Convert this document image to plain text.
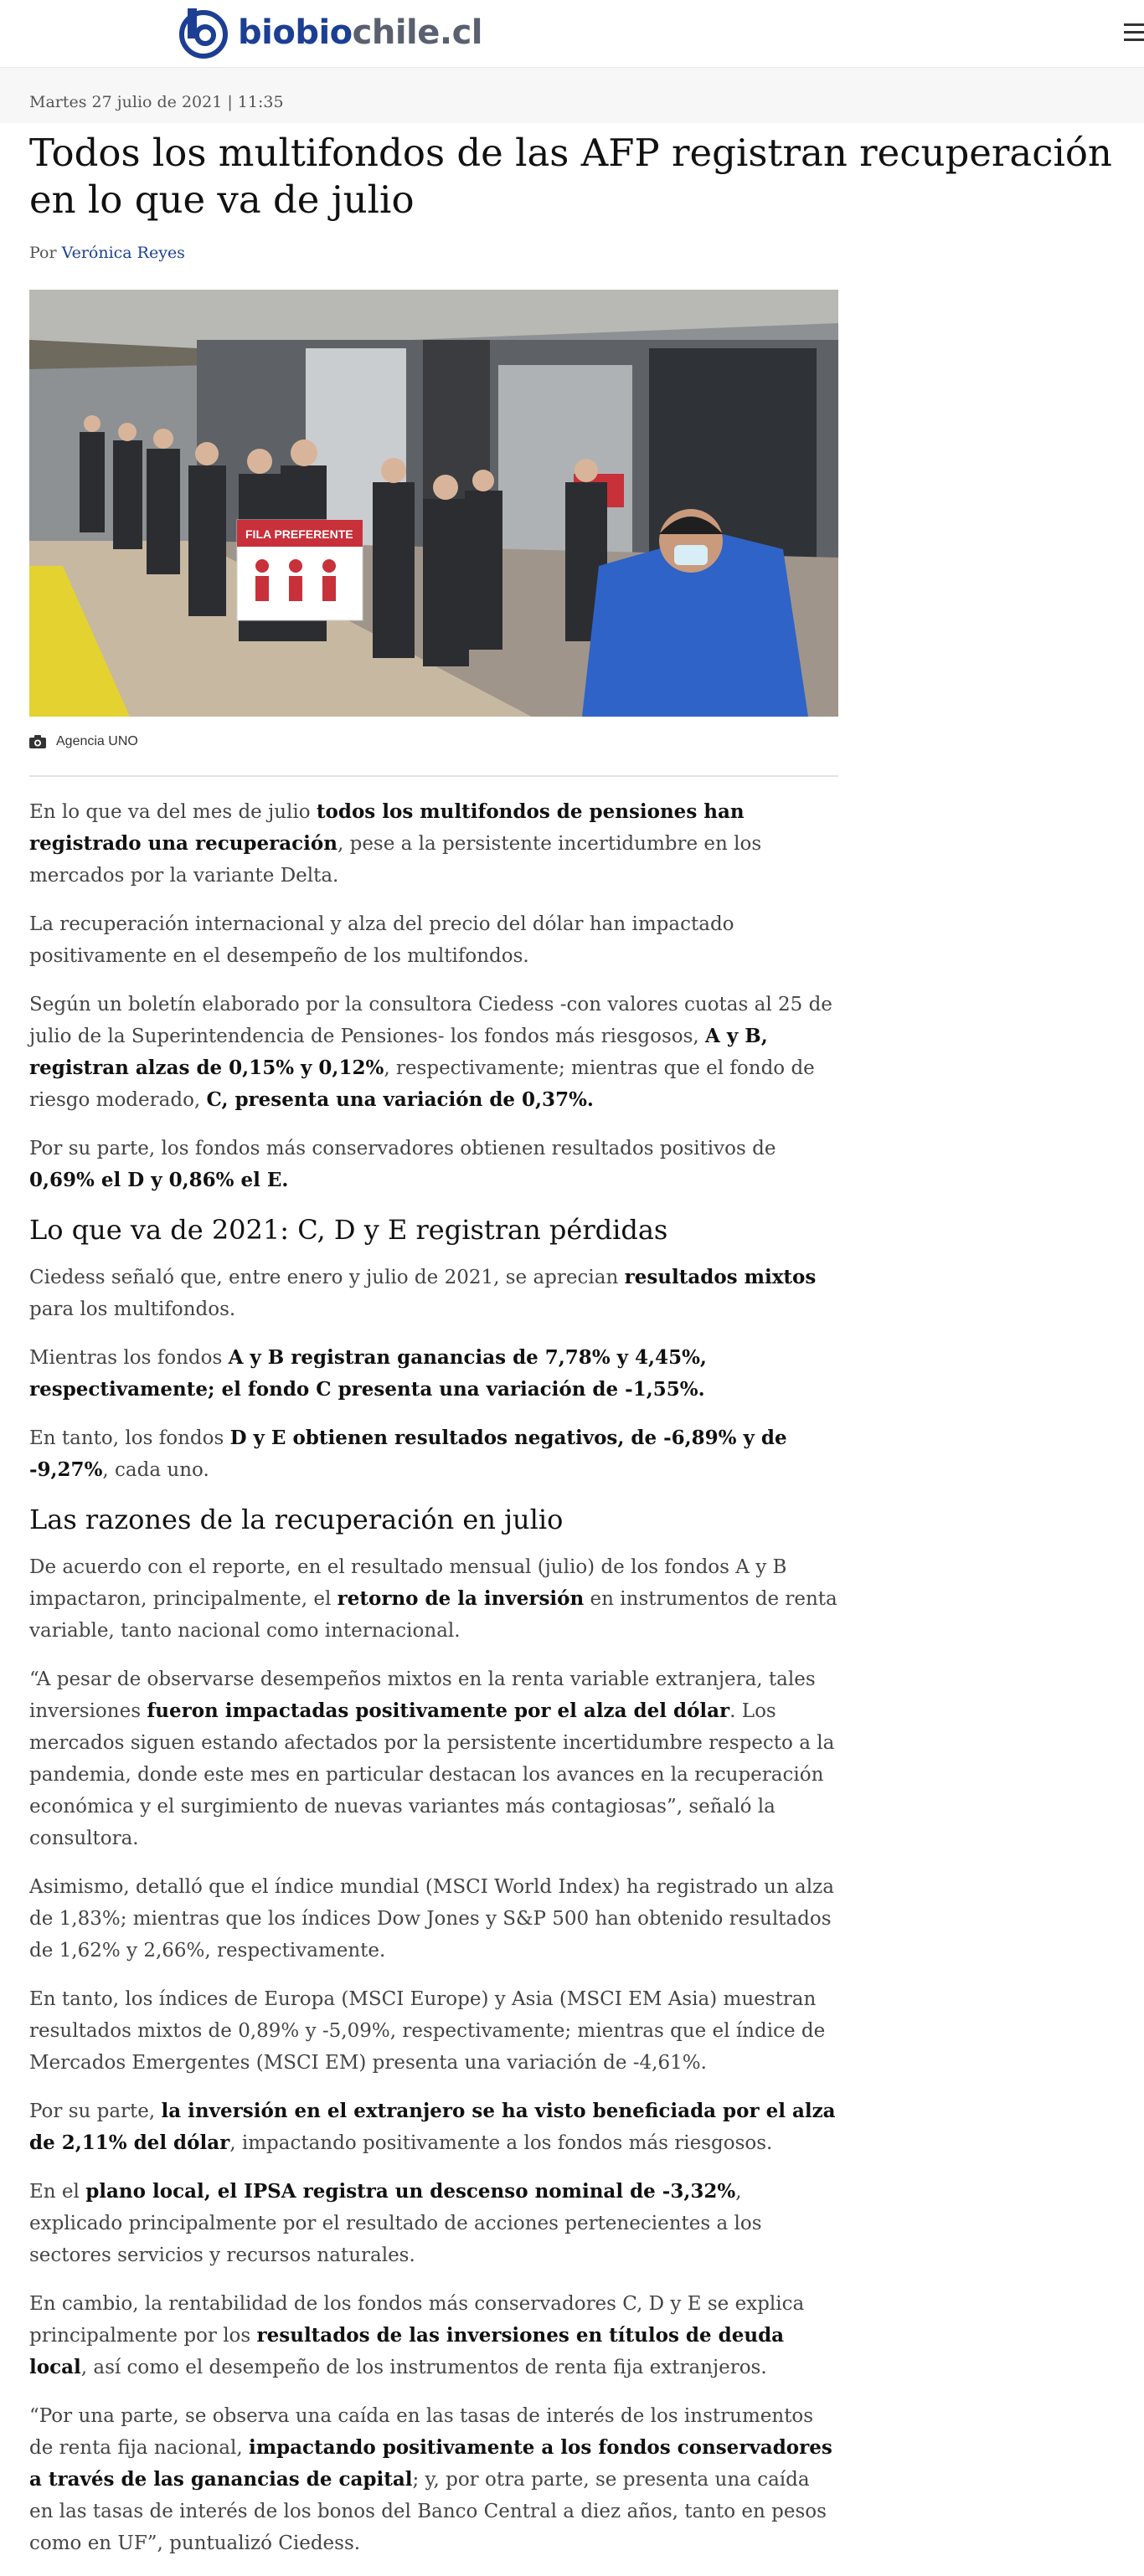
biobiochile.cl
Martes 27 julio de 2021 | 11:35
Todos los multifondos de las AFP registran recuperación en lo que va de julio
Por Verónica Reyes
FILA PREFERENTE
Agencia UNO

En lo que va del mes de julio todos los multifondos de pensiones han registrado una recuperación, pese a la persistente incertidumbre en los mercados por la variante Delta.

La recuperación internacional y alza del precio del dólar han impactado positivamente en el desempeño de los multifondos.

Según un boletín elaborado por la consultora Ciedess -con valores cuotas al 25 de julio de la Superintendencia de Pensiones- los fondos más riesgosos, A y B, registran alzas de 0,15% y 0,12%, respectivamente; mientras que el fondo de riesgo moderado, C, presenta una variación de 0,37%.

Por su parte, los fondos más conservadores obtienen resultados positivos de 0,69% el D y 0,86% el E.

Lo que va de 2021: C, D y E registran pérdidas

Ciedess señaló que, entre enero y julio de 2021, se aprecian resultados mixtos para los multifondos.

Mientras los fondos A y B registran ganancias de 7,78% y 4,45%, respectivamente; el fondo C presenta una variación de -1,55%.

En tanto, los fondos D y E obtienen resultados negativos, de -6,89% y de -9,27%, cada uno.

Las razones de la recuperación en julio

De acuerdo con el reporte, en el resultado mensual (julio) de los fondos A y B impactaron, principalmente, el retorno de la inversión en instrumentos de renta variable, tanto nacional como internacional.

“A pesar de observarse desempeños mixtos en la renta variable extranjera, tales inversiones fueron impactadas positivamente por el alza del dólar. Los mercados siguen estando afectados por la persistente incertidumbre respecto a la pandemia, donde este mes en particular destacan los avances en la recuperación económica y el surgimiento de nuevas variantes más contagiosas”, señaló la consultora.

Asimismo, detalló que el índice mundial (MSCI World Index) ha registrado un alza de 1,83%; mientras que los índices Dow Jones y S&P 500 han obtenido resultados de 1,62% y 2,66%, respectivamente.

En tanto, los índices de Europa (MSCI Europe) y Asia (MSCI EM Asia) muestran resultados mixtos de 0,89% y -5,09%, respectivamente; mientras que el índice de Mercados Emergentes (MSCI EM) presenta una variación de -4,61%.

Por su parte, la inversión en el extranjero se ha visto beneficiada por el alza de 2,11% del dólar, impactando positivamente a los fondos más riesgosos.

En el plano local, el IPSA registra un descenso nominal de -3,32%, explicado principalmente por el resultado de acciones pertenecientes a los sectores servicios y recursos naturales.

En cambio, la rentabilidad de los fondos más conservadores C, D y E se explica principalmente por los resultados de las inversiones en títulos de deuda local, así como el desempeño de los instrumentos de renta fija extranjeros.

“Por una parte, se observa una caída en las tasas de interés de los instrumentos de renta fija nacional, impactando positivamente a los fondos conservadores a través de las ganancias de capital; y, por otra parte, se presenta una caída en las tasas de interés de los bonos del Banco Central a diez años, tanto en pesos como en UF”, puntualizó Ciedess.
